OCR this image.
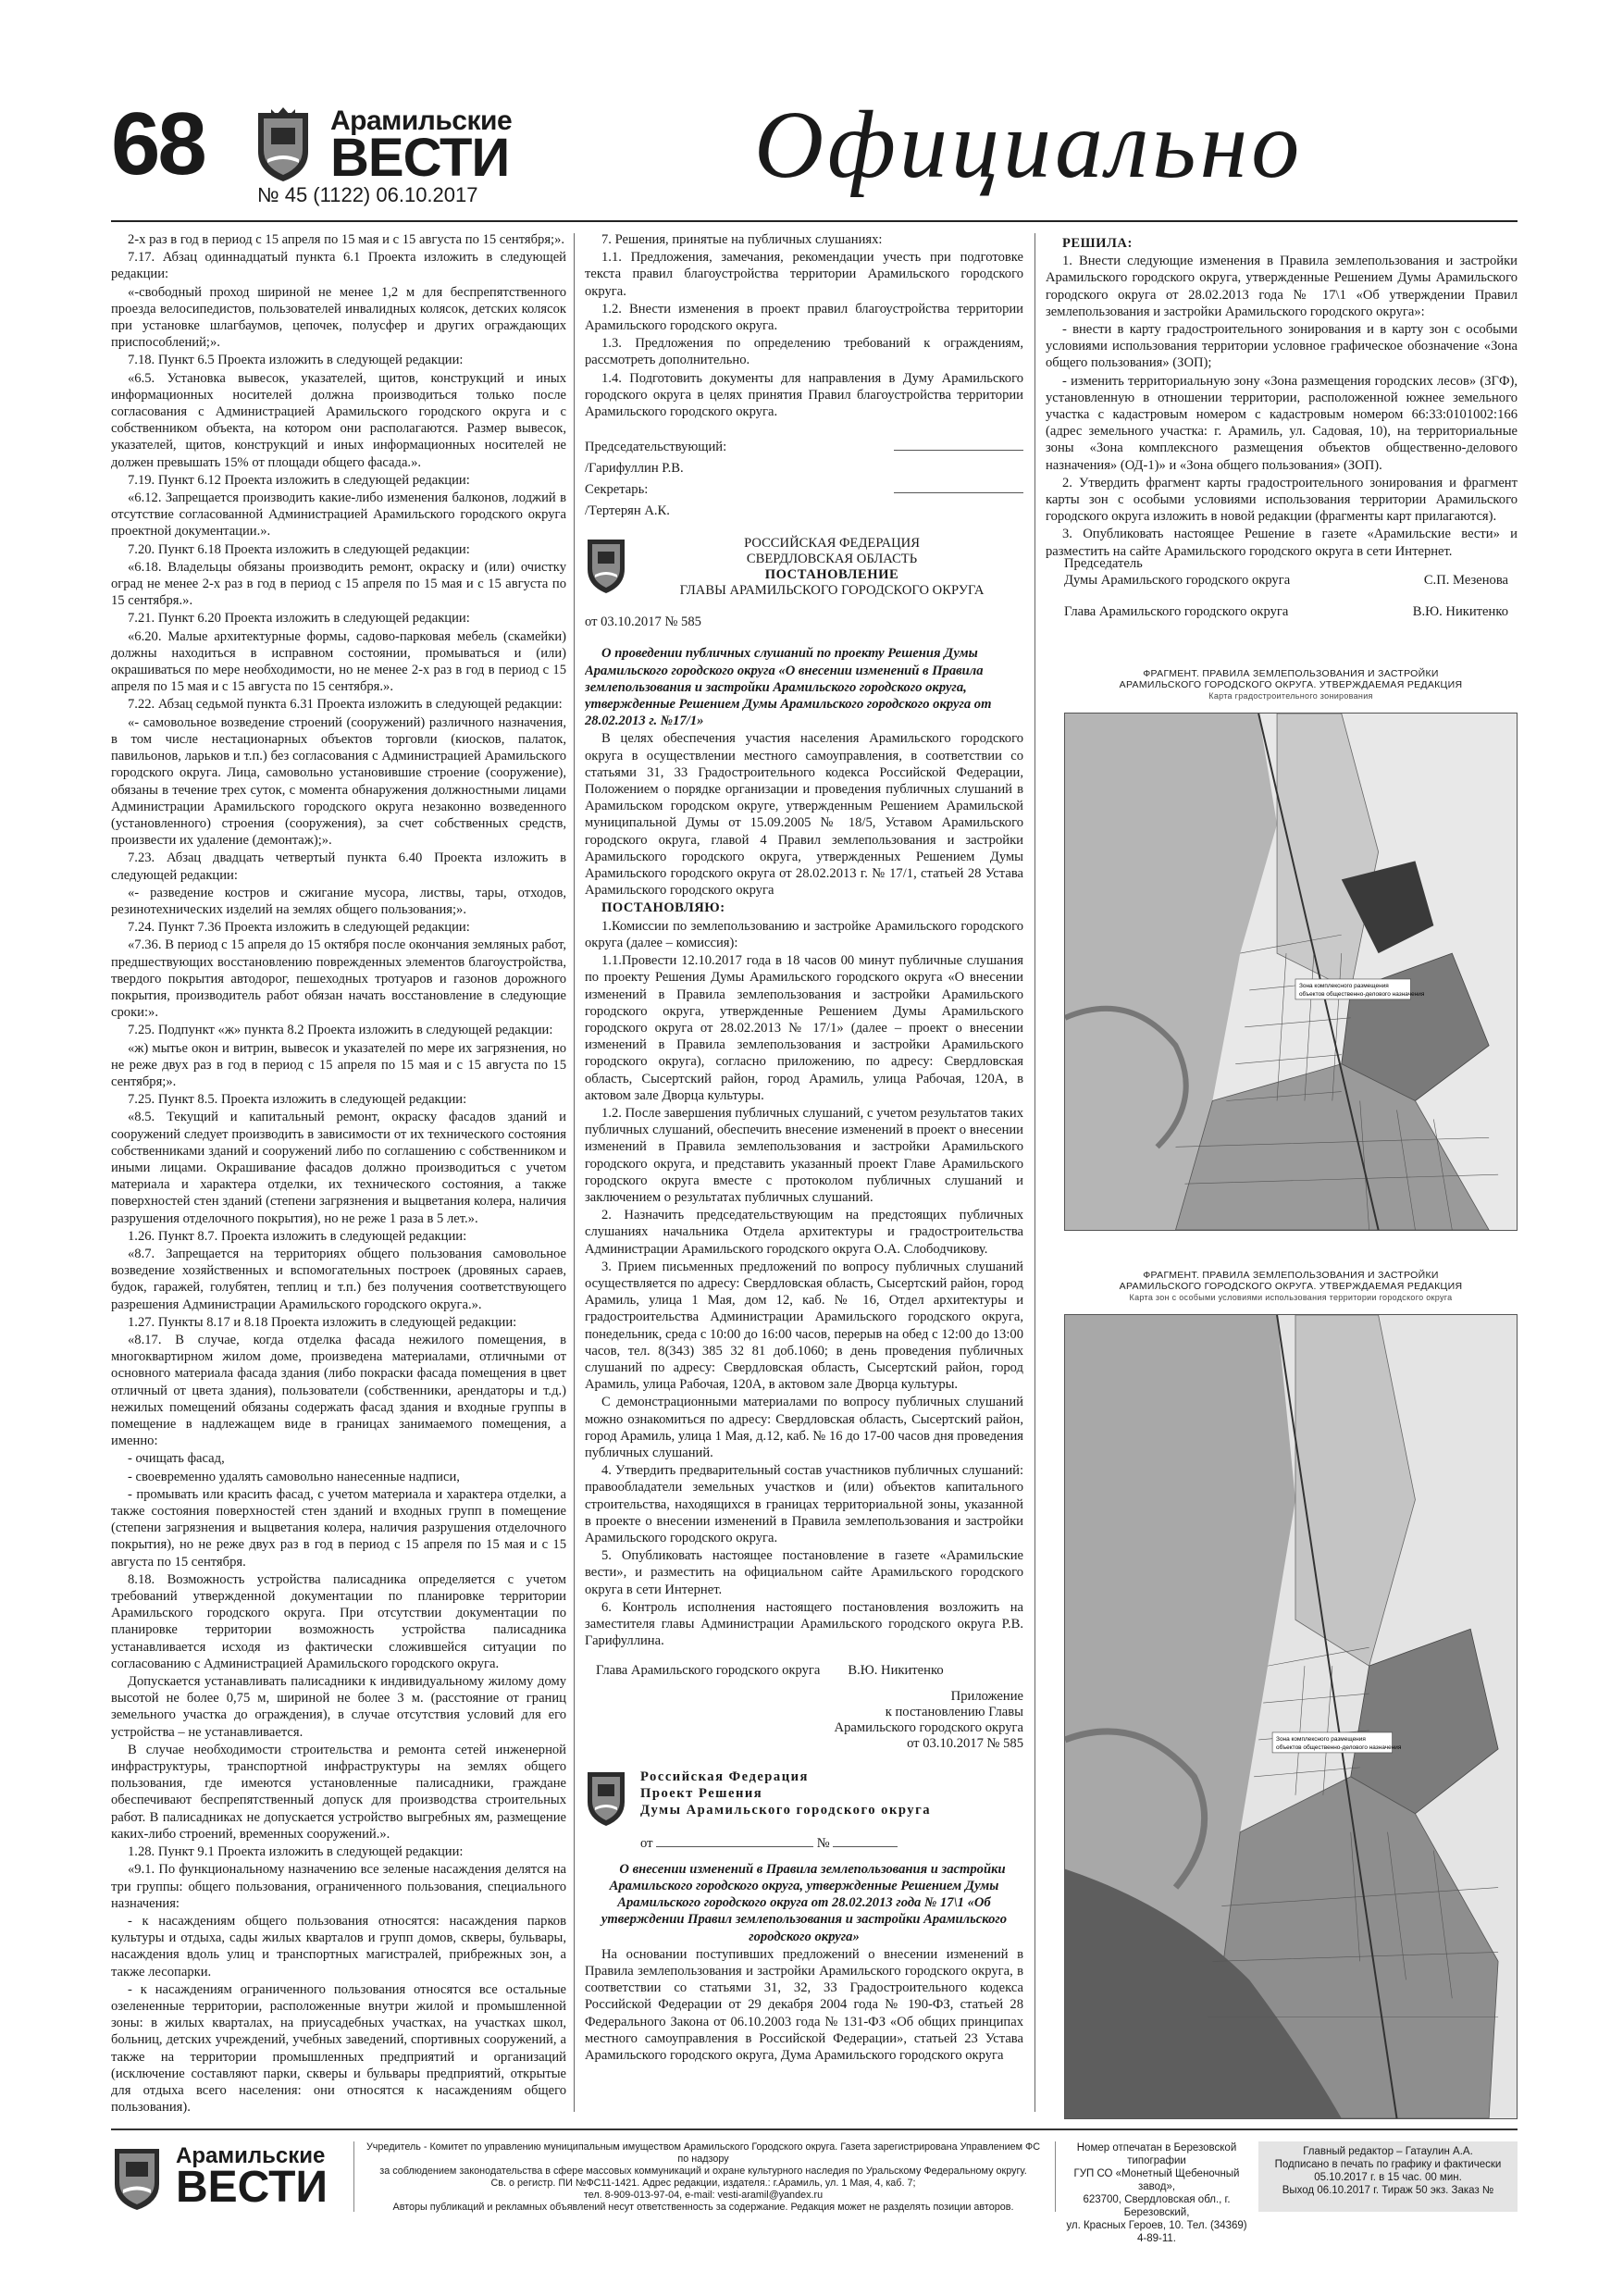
68	Арамильские
ВЕСТИ
№ 45 (1122) 06.10.2017	Официально

2-х раз в год в период с 15 апреля по 15 мая и с 15 августа по 15 сентября;».

7.17. Абзац одиннадцатый пункта 6.1 Проекта изложить в следующей редакции:

«-свободный проход шириной не менее 1,2 м для беспрепятственного проезда велосипедистов, пользователей инвалидных колясок, детских колясок при установке шлагбаумов, цепочек, полусфер и других ограждающих приспособлений;».

7.18. Пункт 6.5 Проекта изложить в следующей редакции:

«6.5. Установка вывесок, указателей, щитов, конструкций и иных информационных носителей должна производиться только после согласования с Администрацией Арамильского городского округа и с собственником объекта, на котором они располагаются. Размер вывесок, указателей, щитов, конструкций и иных информационных носителей не должен превышать 15% от площади общего фасада.».

7.19. Пункт 6.12 Проекта изложить в следующей редакции:

«6.12. Запрещается производить какие-либо изменения балконов, лоджий в отсутствие согласованной Администрацией Арамильского городского округа проектной документации.».

7.20. Пункт 6.18 Проекта изложить в следующей редакции:

«6.18. Владельцы обязаны производить ремонт, окраску и (или) очистку оград не менее 2-х раз в год в период с 15 апреля по 15 мая и с 15 августа по 15 сентября.».

7.21. Пункт 6.20 Проекта изложить в следующей редакции:

«6.20. Малые архитектурные формы, садово-парковая мебель (скамейки) должны находиться в исправном состоянии, промываться и (или) окрашиваться по мере необходимости, но не менее 2-х раз в год в период с 15 апреля по 15 мая и с 15 августа по 15 сентября.».

7.22. Абзац седьмой пункта 6.31 Проекта изложить в следующей редакции:

«- самовольное возведение строений (сооружений) различного назначения, в том числе нестационарных объектов торговли (киосков, палаток, павильонов, ларьков и т.п.) без согласования с Администрацией Арамильского городского округа. Лица, самовольно установившие строение (сооружение), обязаны в течение трех суток, с момента обнаружения должностными лицами Администрации Арамильского городского округа незаконно возведенного (установленного) строения (сооружения), за счет собственных средств, произвести их удаление (демонтаж);».

7.23. Абзац двадцать четвертый пункта 6.40 Проекта изложить в следующей редакции:

«- разведение костров и сжигание мусора, листвы, тары, отходов, резинотехнических изделий на землях общего пользования;».

7.24. Пункт 7.36 Проекта изложить в следующей редакции:

«7.36. В период с 15 апреля до 15 октября после окончания земляных работ, предшествующих восстановлению поврежденных элементов благоустройства, твердого покрытия автодорог, пешеходных тротуаров и газонов дорожного покрытия, производитель работ обязан начать восстановление в следующие сроки:».

7.25. Подпункт «ж» пункта 8.2 Проекта изложить в следующей редакции:

«ж) мытье окон и витрин, вывесок и указателей по мере их загрязнения, но не реже двух раз в год в период с 15 апреля по 15 мая и с 15 августа по 15 сентября;».

7.25. Пункт 8.5. Проекта изложить в следующей редакции:

«8.5. Текущий и капитальный ремонт, окраску фасадов зданий и сооружений следует производить в зависимости от их технического состояния собственниками зданий и сооружений либо по соглашению с собственником и иными лицами. Окрашивание фасадов должно производиться с учетом материала и характера отделки, их технического состояния, а также поверхностей стен зданий (степени загрязнения и выцветания колера, наличия разрушения отделочного покрытия), но не реже 1 раза в 5 лет.».

1.26. Пункт 8.7. Проекта изложить в следующей редакции:

«8.7. Запрещается на территориях общего пользования самовольное возведение хозяйственных и вспомогательных построек (дровяных сараев, будок, гаражей, голубятен, теплиц и т.п.) без получения соответствующего разрешения Администрации Арамильского городского округа.».

1.27. Пункты 8.17 и 8.18 Проекта изложить в следующей редакции:

«8.17. В случае, когда отделка фасада нежилого помещения, в многоквартирном жилом доме, произведена материалами, отличными от основного материала фасада здания (либо покраски фасада помещения в цвет отличный от цвета здания), пользователи (собственники, арендаторы и т.д.) нежилых помещений обязаны содержать фасад здания и входные группы в помещение в надлежащем виде в границах занимаемого помещения, а именно:

- очищать фасад,

- своевременно удалять самовольно нанесенные надписи,

- промывать или красить фасад, с учетом материала и характера отделки, а также состояния поверхностей стен зданий и входных групп в помещение (степени загрязнения и выцветания колера, наличия разрушения отделочного покрытия), но не реже двух раз в год в период с 15 апреля по 15 мая и с 15 августа по 15 сентября.

8.18. Возможность устройства палисадника определяется с учетом требований утвержденной документации по планировке территории Арамильского городского округа. При отсутствии документации по планировке территории возможность устройства палисадника устанавливается исходя из фактически сложившейся ситуации по согласованию с Администрацией Арамильского городского округа.

Допускается устанавливать палисадники к индивидуальному жилому дому высотой не более 0,75 м, шириной не более 3 м. (расстояние от границ земельного участка до ограждения), в случае отсутствия условий для его устройства – не устанавливается.

В случае необходимости строительства и ремонта сетей инженерной инфраструктуры, транспортной инфраструктуры на землях общего пользования, где имеются установленные палисадники, граждане обеспечивают беспрепятственный допуск для производства строительных работ. В палисадниках не допускается устройство выгребных ям, размещение каких-либо строений, временных сооружений.».

1.28. Пункт 9.1 Проекта изложить в следующей редакции:

«9.1. По функциональному назначению все зеленые насаждения делятся на три группы: общего пользования, ограниченного пользования, специального назначения:

- к насаждениям общего пользования относятся: насаждения парков культуры и отдыха, сады жилых кварталов и групп домов, скверы, бульвары, насаждения вдоль улиц и транспортных магистралей, прибрежных зон, а также лесопарки.

- к насаждениям ограниченного пользования относятся все остальные озелененные территории, расположенные внутри жилой и промышленной зоны: в жилых кварталах, на приусадебных участках, на участках школ, больниц, детских учреждений, учебных заведений, спортивных сооружений, а также на территории промышленных предприятий и организаций (исключение составляют парки, скверы и бульвары предприятий, открытые для отдыха всего населения: они относятся к насаждениям общего пользования).

7. Решения, принятые на публичных слушаниях:

1.1. Предложения, замечания, рекомендации учесть при подготовке текста правил благоустройства территории Арамильского городского округа.

1.2. Внести изменения в проект правил благоустройства территории Арамильского городского округа.

1.3. Предложения по определению требований к ограждениям, рассмотреть дополнительно.

1.4. Подготовить документы для направления в Думу Арамильского городского округа в целях принятия Правил благоустройства территории Арамильского городского округа.

Председательствующий:
/Гарифуллин Р.В.
Секретарь:
/Тертерян А.К.
РОССИЙСКАЯ ФЕДЕРАЦИЯ
СВЕРДЛОВСКАЯ ОБЛАСТЬ
ПОСТАНОВЛЕНИЕ
ГЛАВЫ АРАМИЛЬСКОГО ГОРОДСКОГО ОКРУГА

от 03.10.2017 № 585

О проведении публичных слушаний по проекту Решения Думы Арамильского городского округа «О внесении изменений в Правила землепользования и застройки Арамильского городского округа, утвержденные Решением Думы Арамильского городского округа от 28.02.2013 г. №17/1»

В целях обеспечения участия населения Арамильского городского округа в осуществлении местного самоуправления, в соответствии со статьями 31, 33 Градостроительного кодекса Российской Федерации, Положением о порядке организации и проведения публичных слушаний в Арамильском городском округе, утвержденным Решением Арамильской муниципальной Думы от 15.09.2005 № 18/5, Уставом Арамильского городского округа, главой 4 Правил землепользования и застройки Арамильского городского округа, утвержденных Решением Думы Арамильского городского округа от 28.02.2013 г. № 17/1, статьей 28 Устава Арамильского городского округа

ПОСТАНОВЛЯЮ:

1.Комиссии по землепользованию и застройке Арамильского городского округа (далее – комиссия):

1.1.Провести 12.10.2017 года в 18 часов 00 минут публичные слушания по проекту Решения Думы Арамильского городского округа «О внесении изменений в Правила землепользования и застройки Арамильского городского округа, утвержденные Решением Думы Арамильского городского округа от 28.02.2013 № 17/1» (далее – проект о внесении изменений в Правила землепользования и застройки Арамильского городского округа), согласно приложению, по адресу: Свердловская область, Сысертский район, город Арамиль, улица Рабочая, 120А, в актовом зале Дворца культуры.

1.2. После завершения публичных слушаний, с учетом результатов таких публичных слушаний, обеспечить внесение изменений в проект о внесении изменений в Правила землепользования и застройки Арамильского городского округа, и представить указанный проект Главе Арамильского городского округа вместе с протоколом публичных слушаний и заключением о результатах публичных слушаний.

2. Назначить председательствующим на предстоящих публичных слушаниях начальника Отдела архитектуры и градостроительства Администрации Арамильского городского округа О.А. Слободчикову.

3. Прием письменных предложений по вопросу публичных слушаний осуществляется по адресу: Свердловская область, Сысертский район, город Арамиль, улица 1 Мая, дом 12, каб. № 16, Отдел архитектуры и градостроительства Администрации Арамильского городского округа, понедельник, среда с 10:00 до 16:00 часов, перерыв на обед с 12:00 до 13:00 часов, тел. 8(343) 385 32 81 доб.1060; в день проведения публичных слушаний по адресу: Свердловская область, Сысертский район, город Арамиль, улица Рабочая, 120А, в актовом зале Дворца культуры.

С демонстрационными материалами по вопросу публичных слушаний можно ознакомиться по адресу: Свердловская область, Сысертский район, город Арамиль, улица 1 Мая, д.12, каб. № 16 до 17-00 часов дня проведения публичных слушаний.

4. Утвердить предварительный состав участников публичных слушаний: правообладатели земельных участков и (или) объектов капитального строительства, находящихся в границах территориальной зоны, указанной в проекте о внесении изменений в Правила землепользования и застройки Арамильского городского округа.

5. Опубликовать настоящее постановление в газете «Арамильские вести», и разместить на официальном сайте Арамильского городского округа в сети Интернет.

6. Контроль исполнения настоящего постановления возложить на заместителя главы Администрации Арамильского городского округа Р.В. Гарифуллина.

Глава Арамильского городского округа В.Ю. Никитенко
Приложение
к постановлению Главы
Арамильского городского округа
от 03.10.2017 № 585
Российская Федерация
Проект Решения
Думы Арамильского городского округа
от	№

О внесении изменений в Правила землепользования и застройки Арамильского городского округа, утвержденные Решением Думы Арамильского городского округа от 28.02.2013 года № 17\1 «Об утверждении Правил землепользования и застройки Арамильского городского округа»

На основании поступивших предложений о внесении изменений в Правила землепользования и застройки Арамильского городского округа, в соответствии со статьями 31, 32, 33 Градостроительного кодекса Российской Федерации от 29 декабря 2004 года № 190-ФЗ, статьей 28 Федерального Закона от 06.10.2003 года № 131-ФЗ «Об общих принципах местного самоуправления в Российской Федерации», статьей 23 Устава Арамильского городского округа, Дума Арамильского городского округа

РЕШИЛА:

1. Внести следующие изменения в Правила землепользования и застройки Арамильского городского округа, утвержденные Решением Думы Арамильского городского округа от 28.02.2013 года № 17\1 «Об утверждении Правил землепользования и застройки Арамильского городского округа»:

- внести в карту градостроительного зонирования и в карту зон с особыми условиями использования территории условное графическое обозначение «Зона общего пользования» (ЗОП);

- изменить территориальную зону «Зона размещения городских лесов» (ЗГФ), установленную в отношении территории, расположенной южнее земельного участка с кадастровым номером с кадастровым номером 66:33:0101002:166 (адрес земельного участка: г. Арамиль, ул. Садовая, 10), на территориальные зоны «Зона комплексного размещения объектов общественно-делового назначения» (ОД-1)» и «Зона общего пользования» (ЗОП).

2. Утвердить фрагмент карты градостроительного зонирования и фрагмент карты зон с особыми условиями использования территории Арамильского городского округа изложить в новой редакции (фрагменты карт прилагаются).

3. Опубликовать настоящее Решение в газете «Арамильские вести» и разместить на сайте Арамильского городского округа в сети Интернет.

Председатель
Думы Арамильского городского округа	С.П. Мезенова
Глава Арамильского городского округа	В.Ю. Никитенко
ФРАГМЕНТ. ПРАВИЛА ЗЕМЛЕПОЛЬЗОВАНИЯ И ЗАСТРОЙКИ
АРАМИЛЬСКОГО ГОРОДСКОГО ОКРУГА. УТВЕРЖДАЕМАЯ РЕДАКЦИЯ
Карта градостроительного зонирования
Зона комплексного размещения
объектов общественно-делового назначения
ФРАГМЕНТ. ПРАВИЛА ЗЕМЛЕПОЛЬЗОВАНИЯ И ЗАСТРОЙКИ
АРАМИЛЬСКОГО ГОРОДСКОГО ОКРУГА. УТВЕРЖДАЕМАЯ РЕДАКЦИЯ
Карта зон с особыми условиями использования территории городского округа
Зона комплексного размещения
объектов общественно-делового назначения
Арамильские
ВЕСТИ
Учредитель - Комитет по управлению муниципальным имуществом Арамильского Городского округа. Газета зарегистрирована Управлением ФС по надзору
за соблюдением законодательства в сфере массовых коммуникаций и охране культурного наследия по Уральскому Федеральному округу.
Св. о регистр. ПИ №ФС11-1421. Адрес редакции, издателя.: г.Арамиль, ул. 1 Мая, 4, каб. 7;
тел. 8-909-013-97-04, e-mail: vesti-aramil@yandex.ru
Авторы публикаций и рекламных объявлений несут ответственность за содержание. Редакция может не разделять позиции авторов.
Номер отпечатан в Березовской типографии
ГУП СО «Монетный Щебеночный завод»,
623700, Свердловская обл., г. Березовский,
ул. Красных Героев, 10. Тел. (34369) 4-89-11.
Главный редактор – Гатаулин А.А.
Подписано в печать по графику и фактически
05.10.2017 г. в 15 час. 00 мин.
Выход 06.10.2017 г. Тираж 50 экз. Заказ №
